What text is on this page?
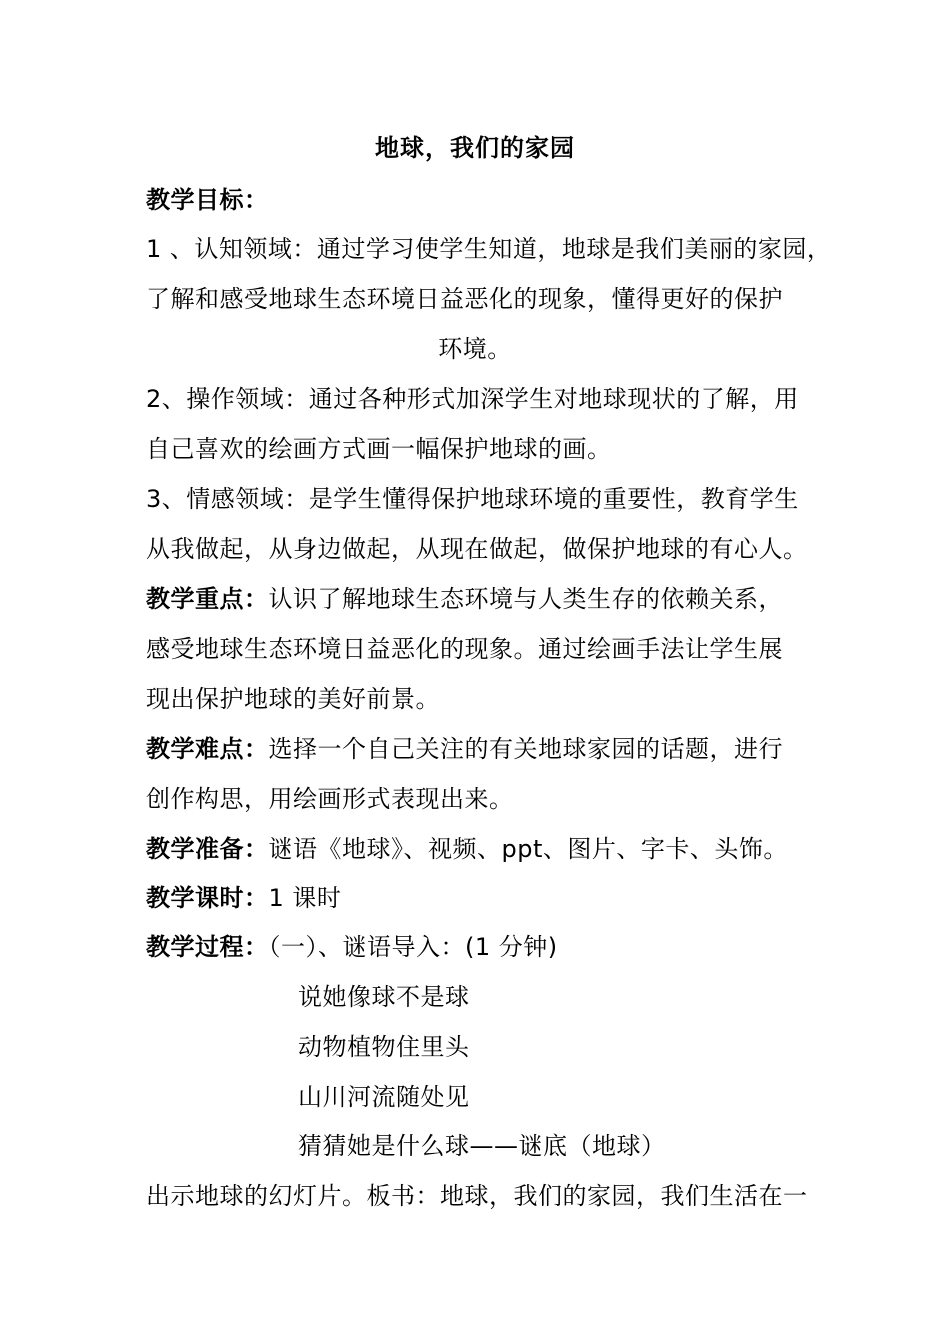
地球，我们的家园
教学目标：
1 、认知领域：通过学习使学生知道，地球是我们美丽的家园，
了解和感受地球生态环境日益恶化的现象，懂得更好的保护
环境。
2、操作领域：通过各种形式加深学生对地球现状的了解，用
自己喜欢的绘画方式画一幅保护地球的画。
3、情感领域：是学生懂得保护地球环境的重要性，教育学生
从我做起，从身边做起，从现在做起，做保护地球的有心人。
教学重点：认识了解地球生态环境与人类生存的依赖关系，
感受地球生态环境日益恶化的现象。通过绘画手法让学生展
现出保护地球的美好前景。
教学难点：选择一个自己关注的有关地球家园的话题，进行
创作构思，用绘画形式表现出来。
教学准备：谜语《地球》、视频、ppt、图片、字卡、头饰。
教学课时：1 课时
教学过程：（一）、谜语导入：(1 分钟)
说她像球不是球
动物植物住里头
山川河流随处见
猜猜她是什么球——谜底（地球）
出示地球的幻灯片。板书：地球，我们的家园，我们生活在一
